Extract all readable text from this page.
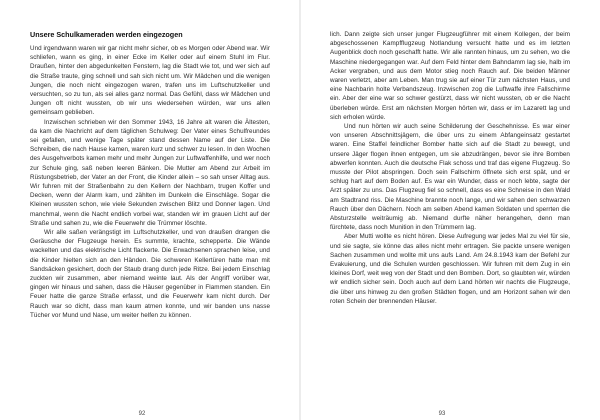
Unsere Schulkameraden werden eingezogen

Und irgendwann waren wir gar nicht mehr sicher, ob es Morgen oder Abend war. Wir schliefen, wann es ging, in einer Ecke im Keller oder auf einem Stuhl im Flur. Draußen, hinter den abgedunkelten Fenstern, lag die Stadt wie tot, und wer sich auf die Straße traute, ging schnell und sah sich nicht um. Wir Mädchen und die wenigen Jungen, die noch nicht eingezogen waren, trafen uns im Luftschutzkeller und versuchten, so zu tun, als sei alles ganz normal. Das Gefühl, dass wir Mädchen und Jungen oft nicht wussten, ob wir uns wiedersehen würden, war uns allen gemeinsam geblieben.

Inzwischen schrieben wir den Sommer 1943, 16 Jahre alt waren die Ältesten, da kam die Nachricht auf dem täglichen Schulweg: Der Vater eines Schulfreundes sei gefallen, und wenige Tage später stand dessen Name auf der Liste. Die Schreiben, die nach Hause kamen, waren kurz und schwer zu lesen. In den Wochen des Ausgehverbots kamen mehr und mehr Jungen zur Luftwaffenhilfe, und wer noch zur Schule ging, saß neben leeren Bänken. Die Mutter am Abend zur Arbeit im Rüstungsbetrieb, der Vater an der Front, die Kinder allein – so sah unser Alltag aus. Wir fuhren mit der Straßenbahn zu den Kellern der Nachbarn, trugen Koffer und Decken, wenn der Alarm kam, und zählten im Dunkeln die Einschläge. Sogar die Kleinen wussten schon, wie viele Sekunden zwischen Blitz und Donner lagen. Und manchmal, wenn die Nacht endlich vorbei war, standen wir im grauen Licht auf der Straße und sahen zu, wie die Feuerwehr die Trümmer löschte.

Wir alle saßen verängstigt im Luftschutzkeller, und von draußen drangen die Geräusche der Flugzeuge herein. Es summte, krachte, schepperte. Die Wände wackelten und das elektrische Licht flackerte. Die Erwachsenen sprachen leise, und die Kinder hielten sich an den Händen. Die schweren Kellertüren hatte man mit Sandsäcken gesichert, doch der Staub drang durch jede Ritze. Bei jedem Einschlag zuckten wir zusammen, aber niemand weinte laut. Als der Angriff vorüber war, gingen wir hinaus und sahen, dass die Häuser gegenüber in Flammen standen. Ein Feuer hatte die ganze Straße erfasst, und die Feuerwehr kam nicht durch. Der Rauch war so dicht, dass man kaum atmen konnte, und wir banden uns nasse Tücher vor Mund und Nase, um weiter helfen zu können.

lich. Dann zeigte sich unser junger Flugzeugführer mit einem Kollegen, der beim abgeschossenen Kampfflugzeug Notlandung versucht hatte und es im letzten Augenblick doch noch geschafft hatte. Wir alle rannten hinaus, um zu sehen, wo die Maschine niedergegangen war. Auf dem Feld hinter dem Bahndamm lag sie, halb im Acker vergraben, und aus dem Motor stieg noch Rauch auf. Die beiden Männer waren verletzt, aber am Leben. Man trug sie auf einer Tür zum nächsten Haus, und eine Nachbarin holte Verbandszeug. Inzwischen zog die Luftwaffe ihre Fallschirme ein. Aber der eine war so schwer gestürzt, dass wir nicht wussten, ob er die Nacht überleben würde. Erst am nächsten Morgen hörten wir, dass er im Lazarett lag und sich erholen würde.

Und nun hörten wir auch seine Schilderung der Geschehnisse. Es war einer von unseren Abschnittsjägern, die über uns zu einem Abfangeinsatz gestartet waren. Eine Staffel feindlicher Bomber hatte sich auf die Stadt zu bewegt, und unsere Jäger flogen ihnen entgegen, um sie abzudrängen, bevor sie ihre Bomben abwerfen konnten. Auch die deutsche Flak schoss und traf das eigene Flugzeug. So musste der Pilot abspringen. Doch sein Fallschirm öffnete sich erst spät, und er schlug hart auf dem Boden auf. Es war ein Wunder, dass er noch lebte, sagte der Arzt später zu uns. Das Flugzeug fiel so schnell, dass es eine Schneise in den Wald am Stadtrand riss. Die Maschine brannte noch lange, und wir sahen den schwarzen Rauch über den Dächern. Noch am selben Abend kamen Soldaten und sperrten die Absturzstelle weiträumig ab. Niemand durfte näher herangehen, denn man fürchtete, dass noch Munition in den Trümmern lag.

Aber Mutti wollte es nicht hören. Diese Aufregung war jedes Mal zu viel für sie, und sie sagte, sie könne das alles nicht mehr ertragen. Sie packte unsere wenigen Sachen zusammen und wollte mit uns aufs Land. Am 24.8.1943 kam der Befehl zur Evakuierung, und die Schulen wurden geschlossen. Wir fuhren mit dem Zug in ein kleines Dorf, weit weg von der Stadt und den Bomben. Dort, so glaubten wir, würden wir endlich sicher sein. Doch auch auf dem Land hörten wir nachts die Flugzeuge, die über uns hinweg zu den großen Städten flogen, und am Horizont sahen wir den roten Schein der brennenden Häuser.

92	93
